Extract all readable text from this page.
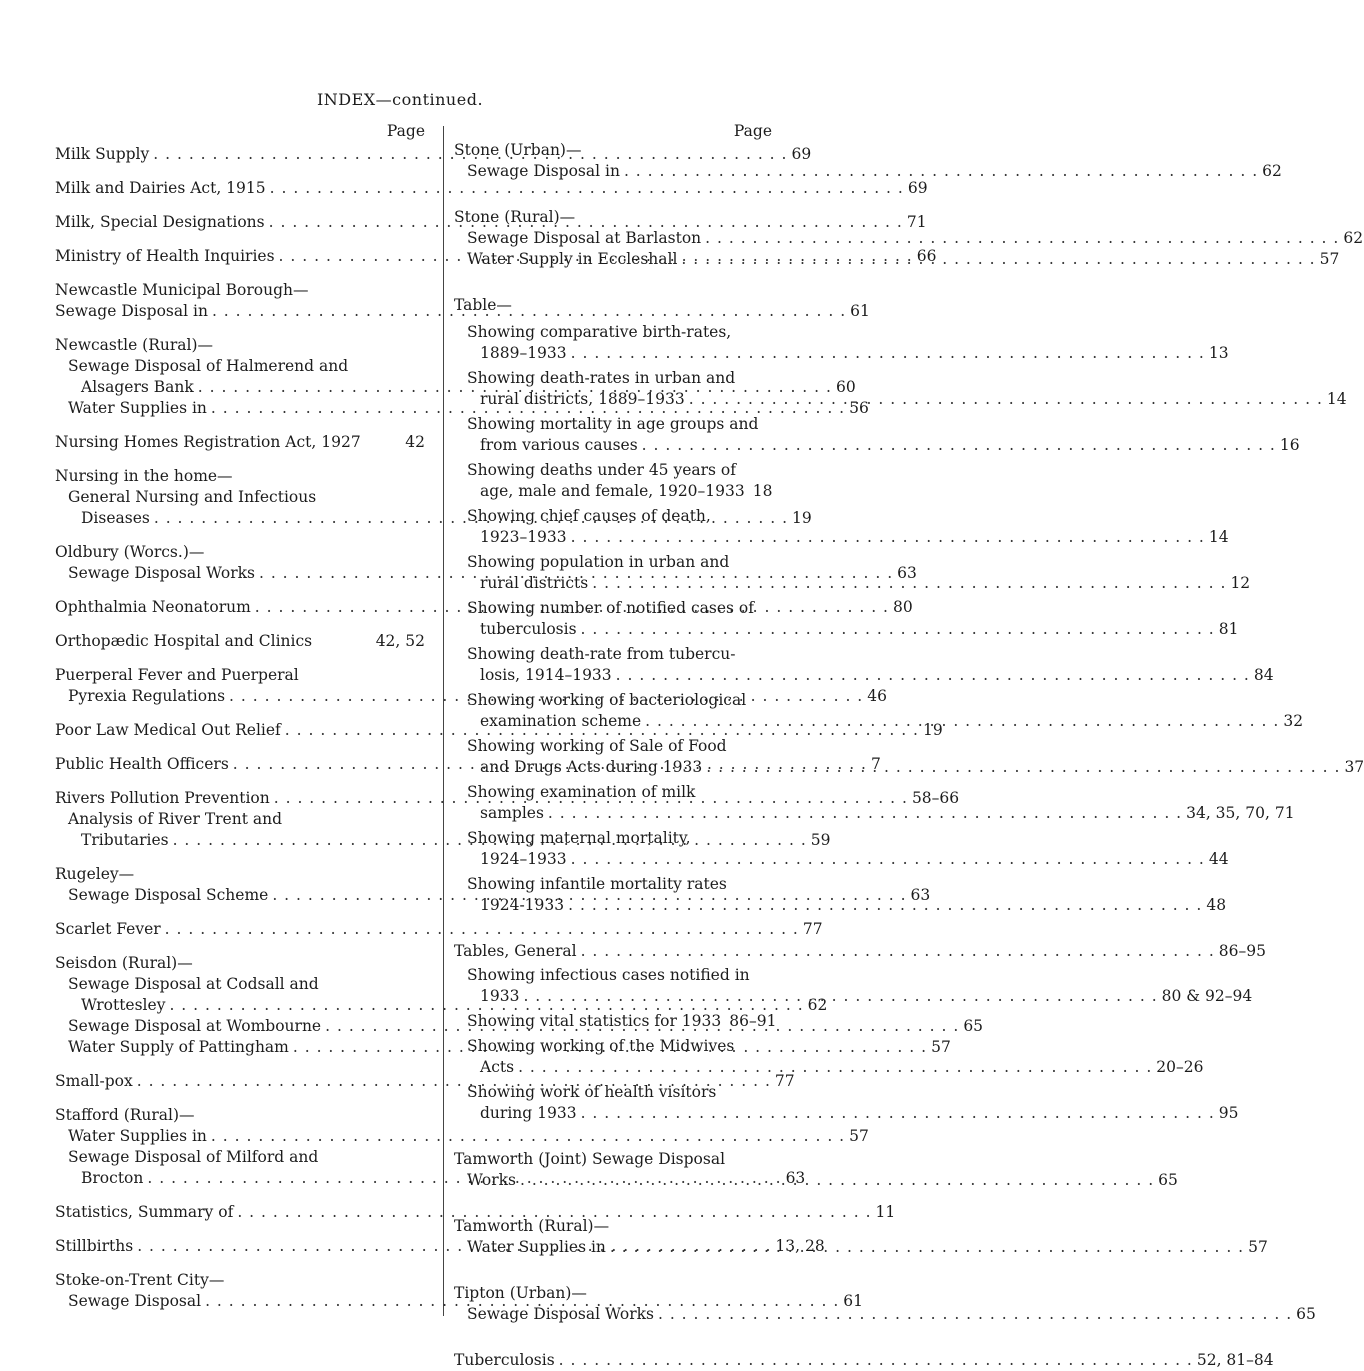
INDEX—continued.
Page
Milk Supply . . .	69
Milk and Dairies Act, 1915 . . .	69
Milk, Special Designations . . .	71
Ministry of Health Inquiries . . .	66
Newcastle Municipal Borough—
Sewage Disposal in . . .	61
Newcastle (Rural)—
Sewage Disposal of Halmerend and
Alsagers Bank . . .	60
Water Supplies in . . .	56
Nursing Homes Registration Act, 1927	42
Nursing in the home—
General Nursing and Infectious
Diseases . . .	19
Oldbury (Worcs.)—
Sewage Disposal Works . . .	63
Ophthalmia Neonatorum . . .	80
Orthopædic Hospital and Clinics	42, 52
Puerperal Fever and Puerperal
Pyrexia Regulations . . .	46
Poor Law Medical Out Relief . . .	19
Public Health Officers . . .	7
Rivers Pollution Prevention . . .	58–66
Analysis of River Trent and
Tributaries . . .	59
Rugeley—
Sewage Disposal Scheme . . .	63
Scarlet Fever . . .	77
Seisdon (Rural)—
Sewage Disposal at Codsall and
Wrottesley . . .	62
Sewage Disposal at Wombourne . . .	65
Water Supply of Pattingham . . .	57
Small-pox . . .	77
Stafford (Rural)—
Water Supplies in . . .	57
Sewage Disposal of Milford and
Brocton . . .	63
Statistics, Summary of . . .	11
Stillbirths . . .	13, 28
Stoke-on-Trent City—
Sewage Disposal . . .	61
Page
Stone (Urban)—
Sewage Disposal in . . .	62
Stone (Rural)—
Sewage Disposal at Barlaston . . .	62
Water Supply in Eccleshall . . .	57
Table—
Showing comparative birth-rates,
1889–1933 . . .	13
Showing death-rates in urban and
rural districts, 1889–1933 . . .	14
Showing mortality in age groups and
from various causes . . .	16
Showing deaths under 45 years of
age, male and female, 1920–1933 18
Showing chief causes of death,
1923–1933 . . .	14
Showing population in urban and
rural districts . . .	12
Showing number of notified cases of
tuberculosis . . .	81
Showing death-rate from tubercu-
losis, 1914–1933 . . .	84
Showing working of bacteriological
examination scheme . . .	32
Showing working of Sale of Food
and Drugs Acts during 1933 . . .	37
Showing examination of milk
samples . . .	34, 35, 70, 71
Showing maternal mortality,
1924–1933 . . .	44
Showing infantile mortality rates
1924-1933 . . .	48
Tables, General . . .	86–95
Showing infectious cases notified in
1933 . . .	80 & 92–94
Showing vital statistics for 1933 86–91
Showing working of the Midwives
Acts . . .	20–26
Showing work of health visitors
during 1933 . . .	95
Tamworth (Joint) Sewage Disposal
Works . . .	65
Tamworth (Rural)—
Water Supplies in . . .	57
Tipton (Urban)—
Sewage Disposal Works . . .	65
Tuberculosis . . .	52, 81–84
